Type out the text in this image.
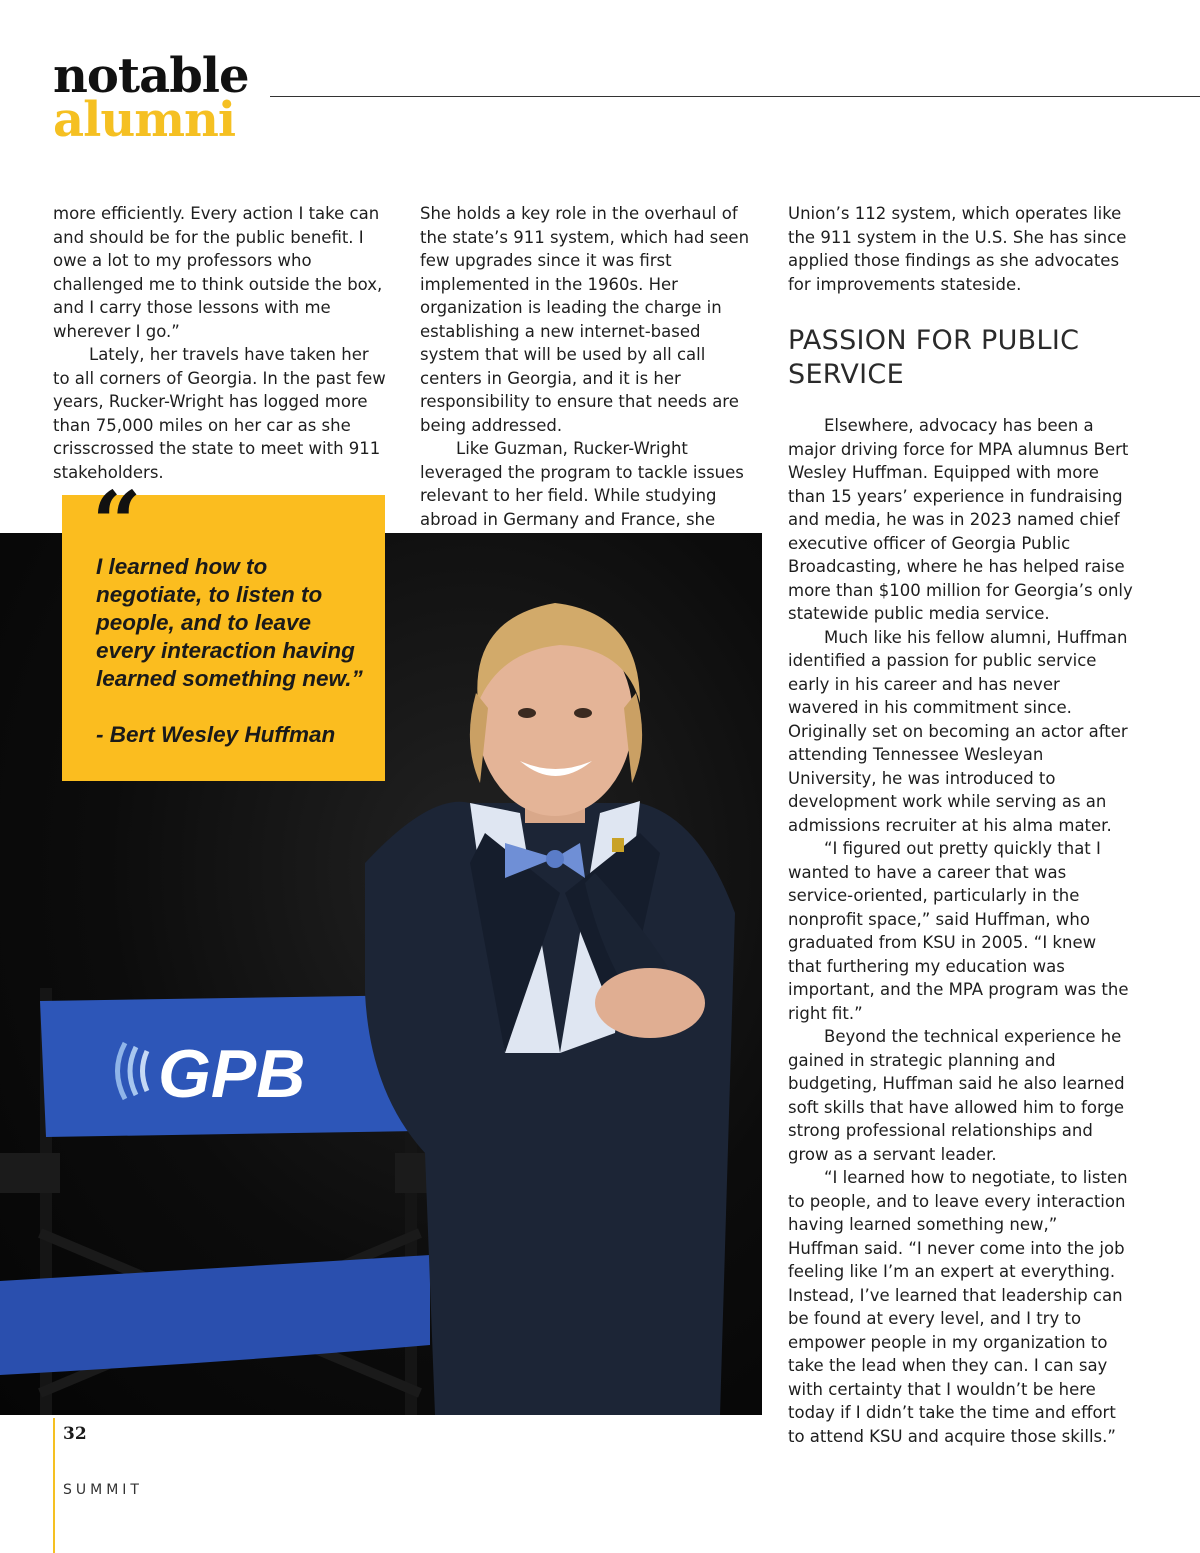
notable
alumni

more efficiently. Every action I take can and should be for the public benefit. I owe a lot to my professors who challenged me to think outside the box, and I carry those lessons with me wherever I go.”

Lately, her travels have taken her to all corners of Georgia. In the past few years, Rucker-Wright has logged more than 75,000 miles on her car as she crisscrossed the state to meet with 911 stakeholders.

She holds a key role in the overhaul of the state’s 911 system, which had seen few upgrades since it was first implemented in the 1960s. Her organization is leading the charge in establishing a new internet-based system that will be used by all call centers in Georgia, and it is her responsibility to ensure that needs are being addressed.

Like Guzman, Rucker-Wright leveraged the program to tackle issues relevant to her field. While studying abroad in Germany and France, she

Union’s 112 system, which operates like the 911 system in the U.S. She has since applied those findings as she advocates for improvements stateside.

PASSION FOR PUBLIC SERVICE

Elsewhere, advocacy has been a major driving force for MPA alumnus Bert Wesley Huffman. Equipped with more than 15 years’ experience in fundraising and media, he was in 2023 named chief executive officer of Georgia Public Broadcasting, where he has helped raise more than $100 million for Georgia’s only statewide public media service.

Much like his fellow alumni, Huffman identified a passion for public service early in his career and has never wavered in his commitment since. Originally set on becoming an actor after attending Tennessee Wesleyan University, he was introduced to development work while serving as an admissions recruiter at his alma mater.

“I figured out pretty quickly that I wanted to have a career that was service-oriented, particularly in the nonprofit space,” said Huffman, who graduated from KSU in 2005. “I knew that furthering my education was important, and the MPA program was the right fit.”

Beyond the technical experience he gained in strategic planning and budgeting, Huffman said he also learned soft skills that have allowed him to forge strong professional relationships and grow as a servant leader.

“I learned how to negotiate, to listen to people, and to leave every interaction having learned something new,” Huffman said. “I never come into the job feeling like I’m an expert at everything. Instead, I’ve learned that leadership can be found at every level, and I try to empower people in my organization to take the lead when they can. I can say with certainty that I wouldn’t be here today if I didn’t take the time and effort to attend KSU and acquire those skills.”

GPB
“

I learned how to negotiate, to listen to people, and to leave every interaction having learned something new.”

- Bert Wesley Huffman

32
SUMMIT
